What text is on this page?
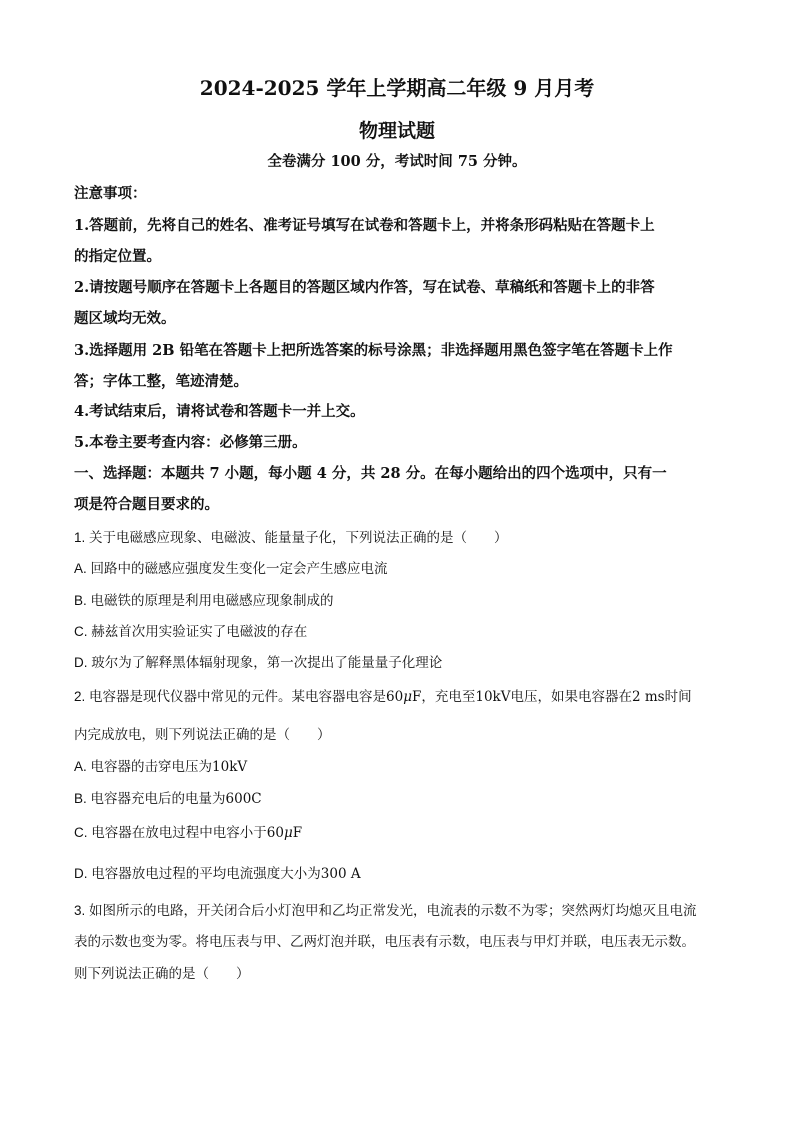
2024-2025 学年上学期高二年级 9 月月考
物理试题
全卷满分 100 分，考试时间 75 分钟。
注意事项：
1.答题前，先将自己的姓名、准考证号填写在试卷和答题卡上，并将条形码粘贴在答题卡上
的指定位置。
2.请按题号顺序在答题卡上各题目的答题区域内作答，写在试卷、草稿纸和答题卡上的非答
题区域均无效。
3.选择题用 2B 铅笔在答题卡上把所选答案的标号涂黑；非选择题用黑色签字笔在答题卡上作
答；字体工整，笔迹清楚。
4.考试结束后，请将试卷和答题卡一并上交。
5.本卷主要考查内容：必修第三册。
一、选择题：本题共 7 小题，每小题 4 分，共 28 分。在每小题给出的四个选项中，只有一
项是符合题目要求的。
1. 关于电磁感应现象、电磁波、能量量子化，下列说法正确的是（　　）
A. 回路中的磁感应强度发生变化一定会产生感应电流
B. 电磁铁的原理是利用电磁感应现象制成的
C. 赫兹首次用实验证实了电磁波的存在
D. 玻尔为了解释黑体辐射现象，第一次提出了能量量子化理论
2. 电容器是现代仪器中常见的元件。某电容器电容是60μF，充电至10kV电压，如果电容器在2 ms时间
内完成放电，则下列说法正确的是（　　）
A. 电容器的击穿电压为10kV
B. 电容器充电后的电量为600C
C. 电容器在放电过程中电容小于60μF
D. 电容器放电过程的平均电流强度大小为300 A
3. 如图所示的电路，开关闭合后小灯泡甲和乙均正常发光，电流表的示数不为零；突然两灯均熄灭且电流
表的示数也变为零。将电压表与甲、乙两灯泡并联，电压表有示数，电压表与甲灯并联，电压表无示数。
则下列说法正确的是（　　）
